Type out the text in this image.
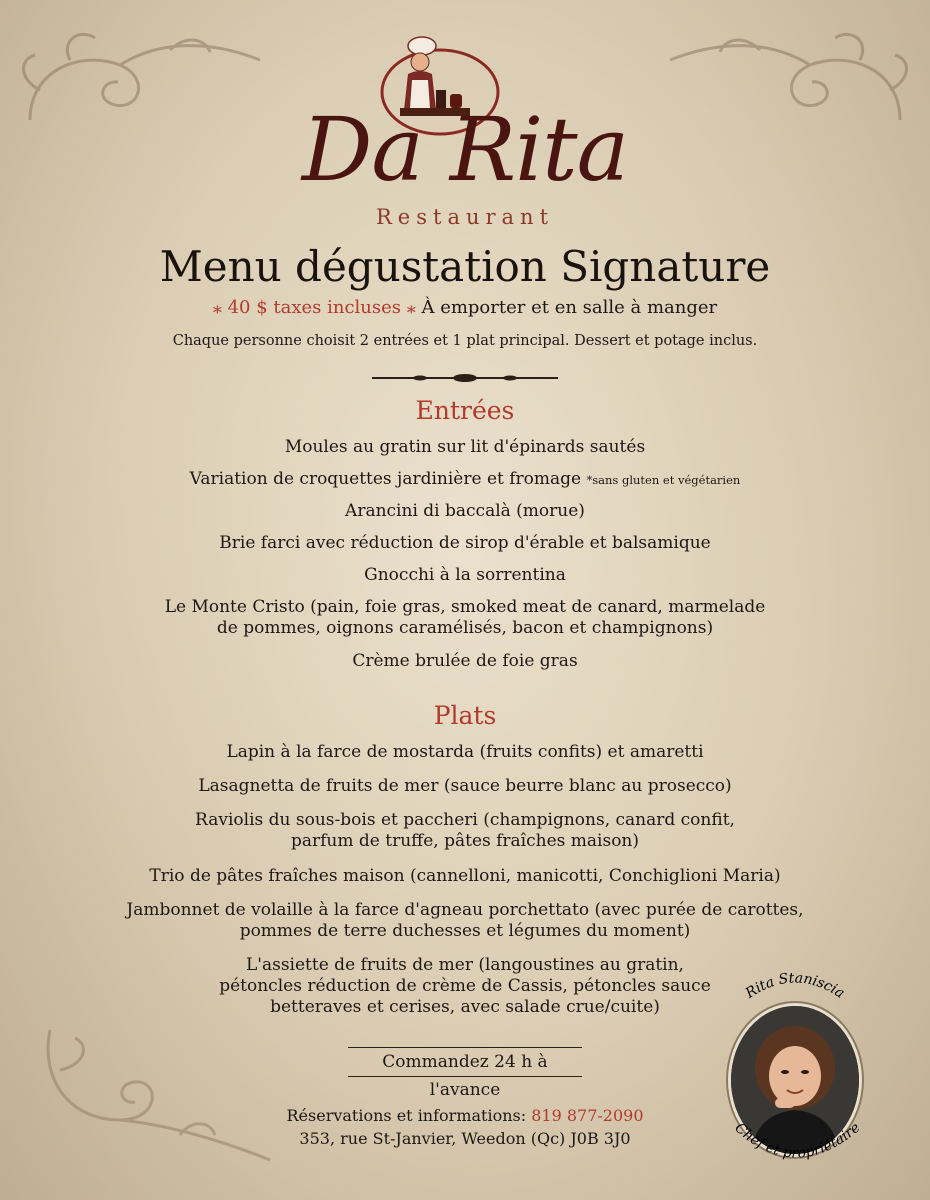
Da Rita
Restaurant
Menu dégustation Signature
⁎ 40 $ taxes incluses ⁎ À emporter et en salle à manger
Chaque personne choisit 2 entrées et 1 plat principal. Dessert et potage inclus.
Entrées
Moules au gratin sur lit d'épinards sautés
Variation de croquettes jardinière et fromage *sans gluten et végétarien
Arancini di baccalà (morue)
Brie farci avec réduction de sirop d'érable et balsamique
Gnocchi à la sorrentina
Le Monte Cristo (pain, foie gras, smoked meat de canard, marmelade
de pommes, oignons caramélisés, bacon et champignons)
Crème brulée de foie gras
Plats
Lapin à la farce de mostarda (fruits confits) et amaretti
Lasagnetta de fruits de mer (sauce beurre blanc au prosecco)
Raviolis du sous-bois et paccheri (champignons, canard confit,
parfum de truffe, pâtes fraîches maison)
Trio de pâtes fraîches maison (cannelloni, manicotti, Conchiglioni Maria)
Jambonnet de volaille à la farce d'agneau porchettato (avec purée de carottes,
pommes de terre duchesses et légumes du moment)
L'assiette de fruits de mer (langoustines au gratin,
pétoncles réduction de crème de Cassis, pétoncles sauce
betteraves et cerises, avec salade crue/cuite)
Commandez 24 h à l'avance
Réservations et informations: 819 877-2090
353, rue St-Janvier, Weedon (Qc) J0B 3J0
Rita Staniscia
Chef et propriétaire
